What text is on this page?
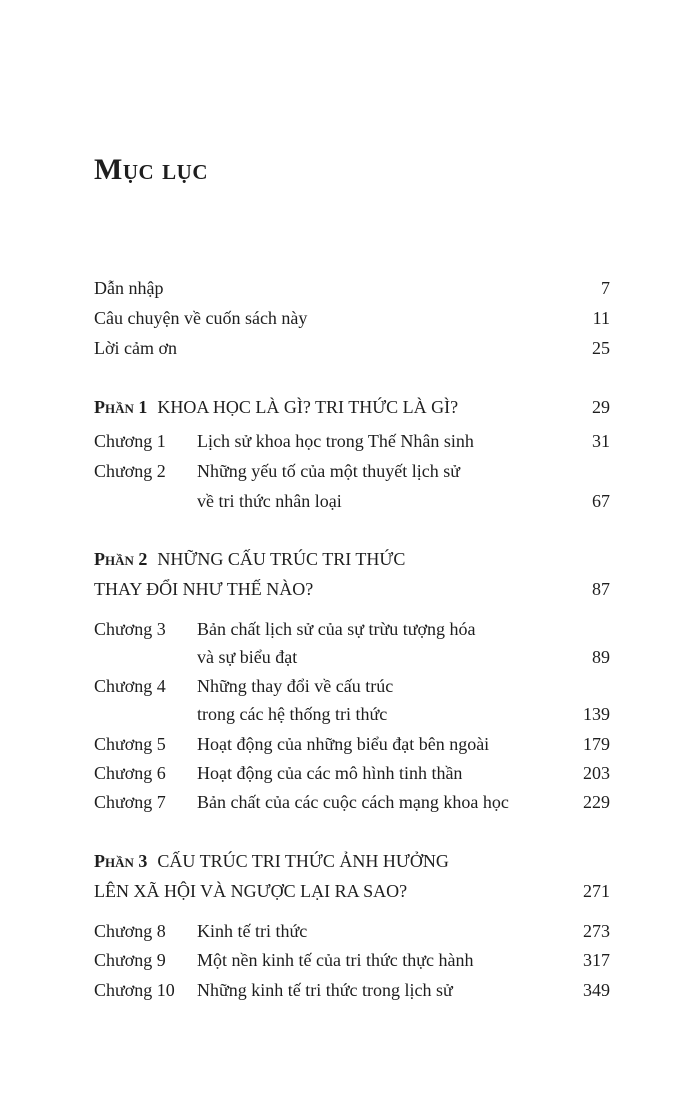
Mục lục
Dẫn nhập	7
Câu chuyện về cuốn sách này	11
Lời cảm ơn	25
Phần 1 KHOA HỌC LÀ GÌ? TRI THỨC LÀ GÌ?	29
Chương 1 Lịch sử khoa học trong Thế Nhân sinh	31
Chương 2 Những yếu tố của một thuyết lịch sử
về tri thức nhân loại	67
Phần 2 NHỮNG CẤU TRÚC TRI THỨC
THAY ĐỔI NHƯ THẾ NÀO?	87
Chương 3 Bản chất lịch sử của sự trừu tượng hóa
và sự biểu đạt	89
Chương 4 Những thay đổi về cấu trúc
trong các hệ thống tri thức	139
Chương 5 Hoạt động của những biểu đạt bên ngoài	179
Chương 6 Hoạt động của các mô hình tinh thần	203
Chương 7 Bản chất của các cuộc cách mạng khoa học	229
Phần 3 CẤU TRÚC TRI THỨC ẢNH HƯỞNG
LÊN XÃ HỘI VÀ NGƯỢC LẠI RA SAO?	271
Chương 8 Kinh tế tri thức	273
Chương 9 Một nền kinh tế của tri thức thực hành	317
Chương 10 Những kinh tế tri thức trong lịch sử	349
